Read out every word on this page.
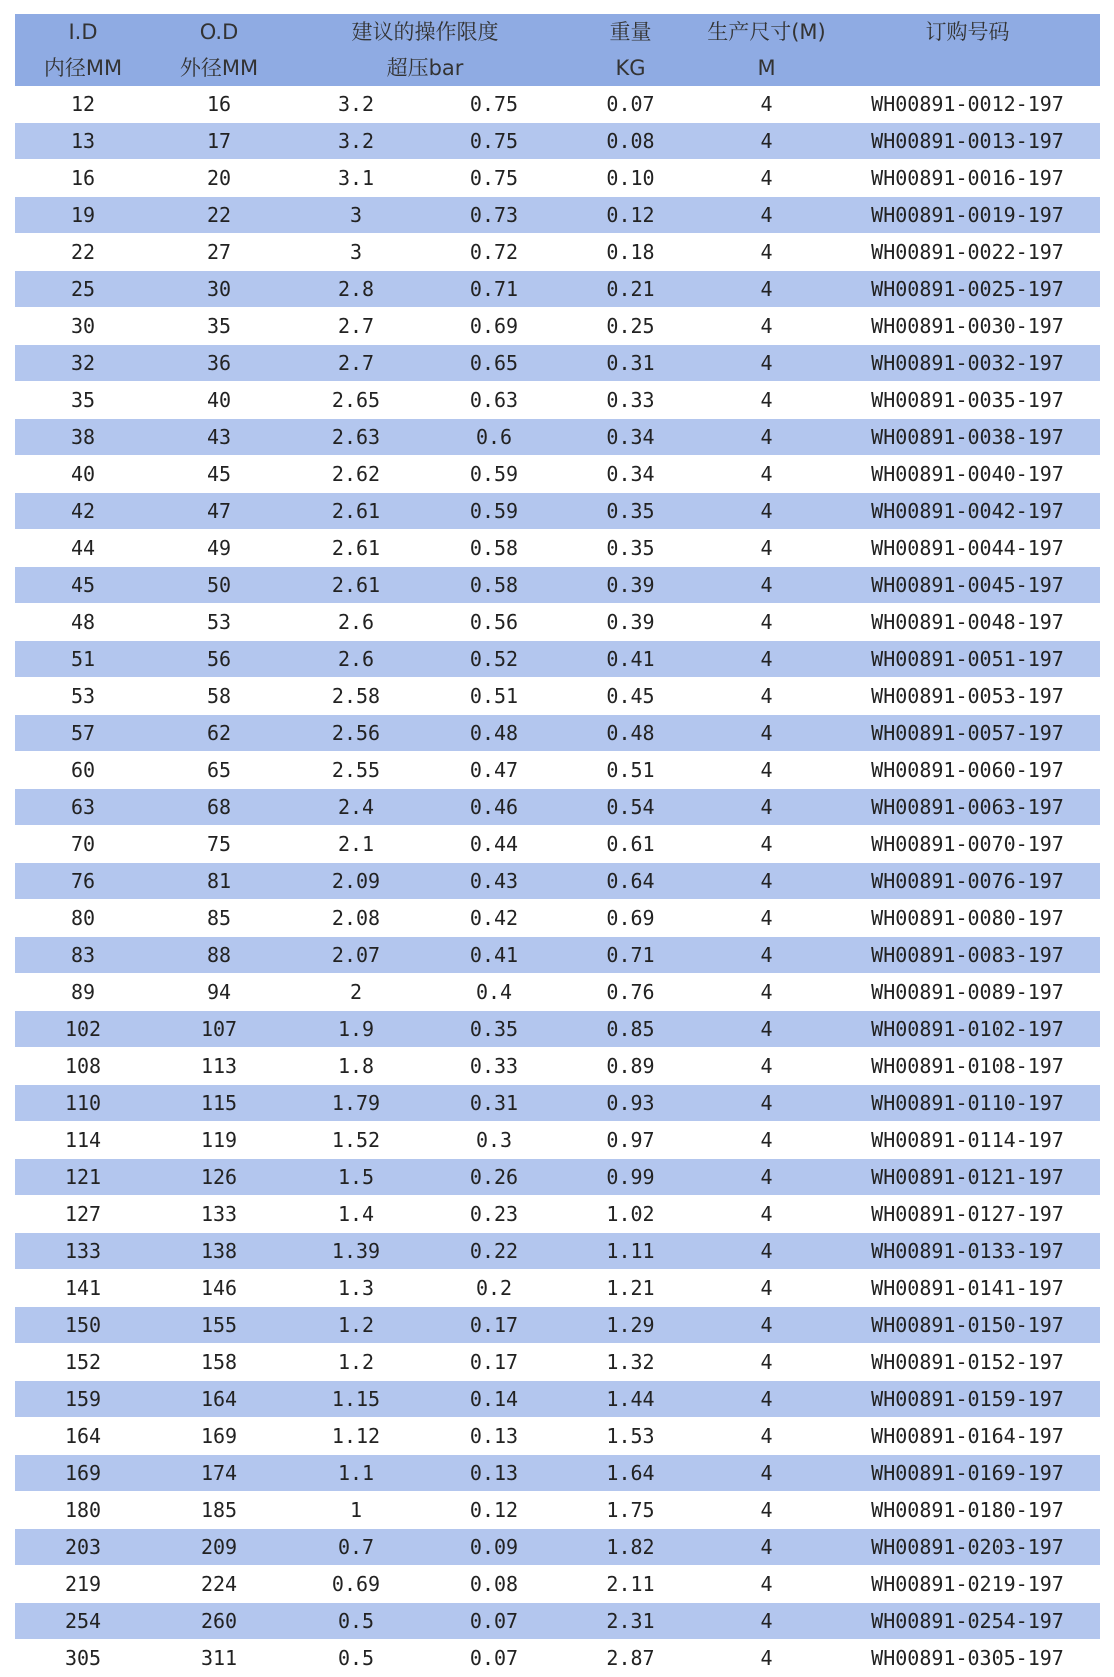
I.D	O.D	建议的操作限度		重量	生产尺寸(M)	订购号码
内径MM	外径MM	超压bar		KG	M	
12	16	3.2	0.75	0.07	4	WH00891-0012-197
13	17	3.2	0.75	0.08	4	WH00891-0013-197
16	20	3.1	0.75	0.10	4	WH00891-0016-197
19	22	3	0.73	0.12	4	WH00891-0019-197
22	27	3	0.72	0.18	4	WH00891-0022-197
25	30	2.8	0.71	0.21	4	WH00891-0025-197
30	35	2.7	0.69	0.25	4	WH00891-0030-197
32	36	2.7	0.65	0.31	4	WH00891-0032-197
35	40	2.65	0.63	0.33	4	WH00891-0035-197
38	43	2.63	0.6	0.34	4	WH00891-0038-197
40	45	2.62	0.59	0.34	4	WH00891-0040-197
42	47	2.61	0.59	0.35	4	WH00891-0042-197
44	49	2.61	0.58	0.35	4	WH00891-0044-197
45	50	2.61	0.58	0.39	4	WH00891-0045-197
48	53	2.6	0.56	0.39	4	WH00891-0048-197
51	56	2.6	0.52	0.41	4	WH00891-0051-197
53	58	2.58	0.51	0.45	4	WH00891-0053-197
57	62	2.56	0.48	0.48	4	WH00891-0057-197
60	65	2.55	0.47	0.51	4	WH00891-0060-197
63	68	2.4	0.46	0.54	4	WH00891-0063-197
70	75	2.1	0.44	0.61	4	WH00891-0070-197
76	81	2.09	0.43	0.64	4	WH00891-0076-197
80	85	2.08	0.42	0.69	4	WH00891-0080-197
83	88	2.07	0.41	0.71	4	WH00891-0083-197
89	94	2	0.4	0.76	4	WH00891-0089-197
102	107	1.9	0.35	0.85	4	WH00891-0102-197
108	113	1.8	0.33	0.89	4	WH00891-0108-197
110	115	1.79	0.31	0.93	4	WH00891-0110-197
114	119	1.52	0.3	0.97	4	WH00891-0114-197
121	126	1.5	0.26	0.99	4	WH00891-0121-197
127	133	1.4	0.23	1.02	4	WH00891-0127-197
133	138	1.39	0.22	1.11	4	WH00891-0133-197
141	146	1.3	0.2	1.21	4	WH00891-0141-197
150	155	1.2	0.17	1.29	4	WH00891-0150-197
152	158	1.2	0.17	1.32	4	WH00891-0152-197
159	164	1.15	0.14	1.44	4	WH00891-0159-197
164	169	1.12	0.13	1.53	4	WH00891-0164-197
169	174	1.1	0.13	1.64	4	WH00891-0169-197
180	185	1	0.12	1.75	4	WH00891-0180-197
203	209	0.7	0.09	1.82	4	WH00891-0203-197
219	224	0.69	0.08	2.11	4	WH00891-0219-197
254	260	0.5	0.07	2.31	4	WH00891-0254-197
305	311	0.5	0.07	2.87	4	WH00891-0305-197
